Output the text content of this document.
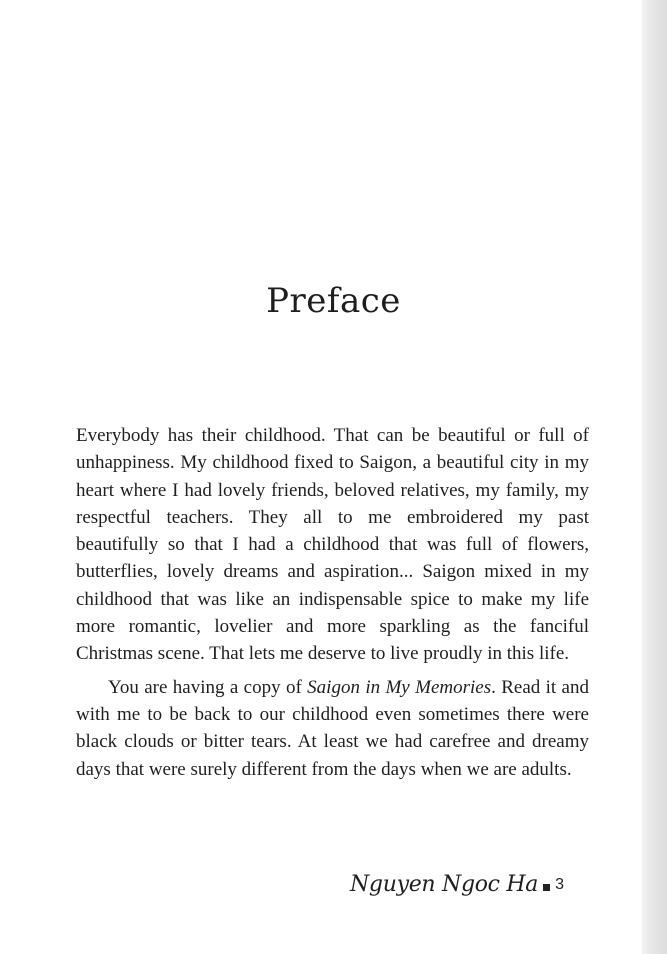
Preface

Everybody has their childhood. That can be beautiful or full of unhappiness. My childhood fixed to Saigon, a beautiful city in my heart where I had lovely friends, beloved relatives, my family, my respectful teachers. They all to me embroidered my past beautifully so that I had a childhood that was full of flowers, butterflies, lovely dreams and aspiration... Saigon mixed in my childhood that was like an indispensable spice to make my life more romantic, lovelier and more sparkling as the fanciful Christmas scene. That lets me deserve to live proudly in this life.

You are having a copy of Saigon in My Memories. Read it and with me to be back to our childhood even sometimes there were black clouds or bitter tears. At least we had carefree and dreamy days that were surely different from the days when we are adults.

Nguyen Ngoc Ha 3
